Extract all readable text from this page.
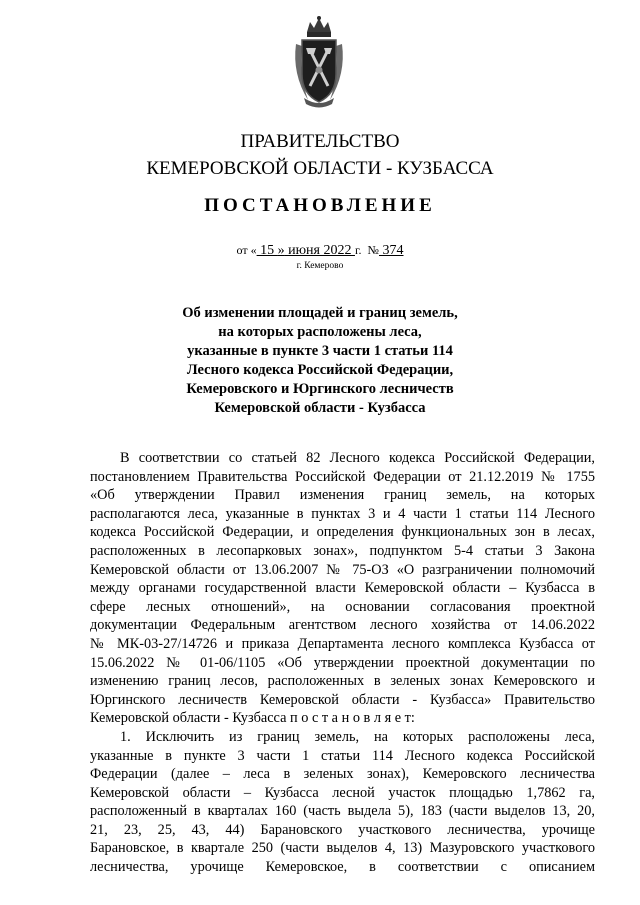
ПРАВИТЕЛЬСТВО
КЕМЕРОВСКОЙ ОБЛАСТИ - КУЗБАССА
ПОСТАНОВЛЕНИЕ
от « 15 » июня 2022 г. № 374
г. Кемерово
Об изменении площадей и границ земель,
на которых расположены леса,
указанные в пункте 3 части 1 статьи 114
Лесного кодекса Российской Федерации,
Кемеровского и Юргинского лесничеств
Кемеровской области - Кузбасса
В соответствии со статьей 82 Лесного кодекса Российской Федерации,
постановлением Правительства Российской Федерации от 21.12.2019 № 1755
«Об утверждении Правил изменения границ земель, на которых
располагаются леса, указанные в пунктах 3 и 4 части 1 статьи 114 Лесного
кодекса Российской Федерации, и определения функциональных зон в лесах,
расположенных в лесопарковых зонах», подпунктом 5-4 статьи 3 Закона
Кемеровской области от 13.06.2007 № 75-ОЗ «О разграничении полномочий
между органами государственной власти Кемеровской области – Кузбасса в
сфере лесных отношений», на основании согласования проектной
документации Федеральным агентством лесного хозяйства от 14.06.2022
№ МК-03-27/14726 и приказа Департамента лесного комплекса Кузбасса от
15.06.2022 № 01-06/1105 «Об утверждении проектной документации по
изменению границ лесов, расположенных в зеленых зонах Кемеровского и
Юргинского лесничеств Кемеровской области - Кузбасса» Правительство
Кемеровской области - Кузбасса п о с т а н о в л я е т:
1. Исключить из границ земель, на которых расположены леса,
указанные в пункте 3 части 1 статьи 114 Лесного кодекса Российской
Федерации (далее – леса в зеленых зонах), Кемеровского лесничества
Кемеровской области – Кузбасса лесной участок площадью 1,7862 га,
расположенный в кварталах 160 (часть выдела 5), 183 (части выделов 13, 20,
21, 23, 25, 43, 44) Барановского участкового лесничества, урочище
Барановское, в квартале 250 (части выделов 4, 13) Мазуровского участкового
лесничества, урочище Кемеровское, в соответствии с описанием
